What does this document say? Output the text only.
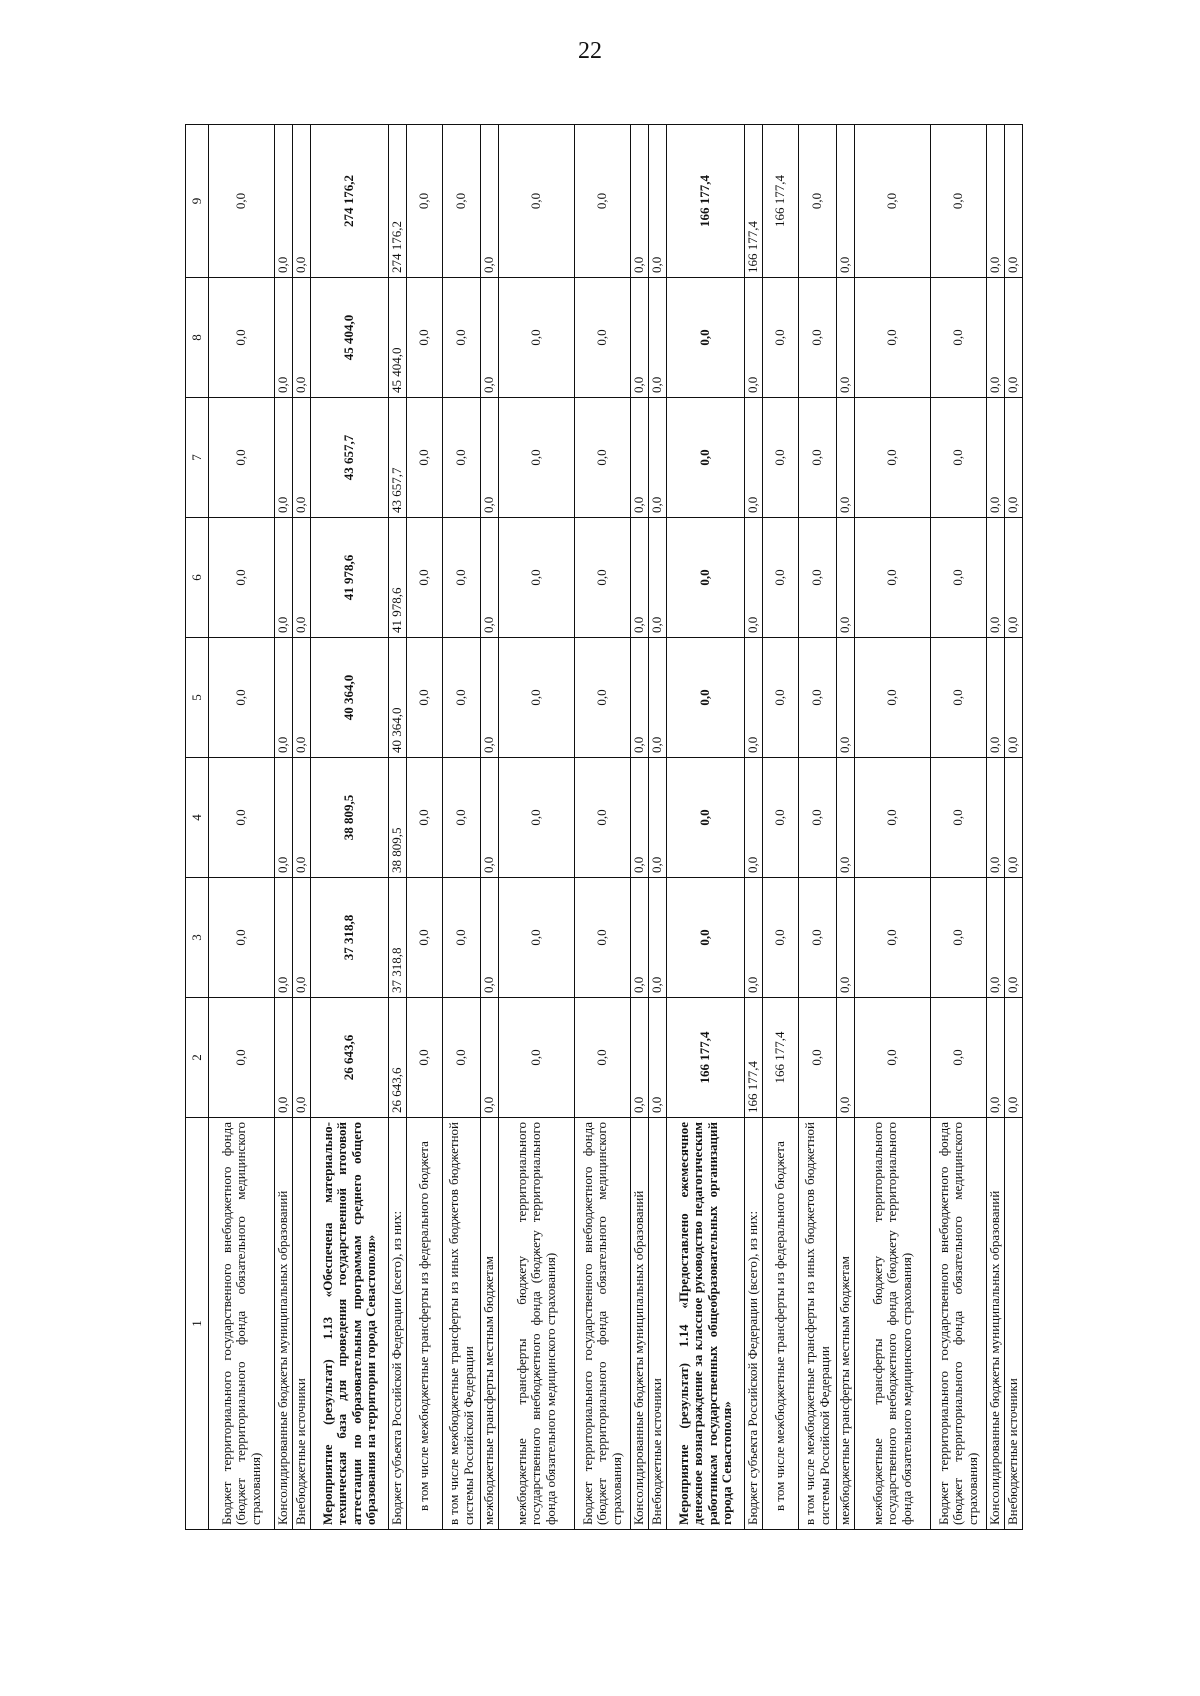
22
1	2	3	4	5	6	7	8	9
Бюджет территориального государственного внебюджетного фонда (бюджет территориального фонда обязательного медицинского страхования)	0,0	0,0	0,0	0,0	0,0	0,0	0,0	0,0
Консолидированные бюджеты муниципальных образований	0,0	0,0	0,0	0,0	0,0	0,0	0,0	0,0
Внебюджетные источники	0,0	0,0	0,0	0,0	0,0	0,0	0,0	0,0
Мероприятие (результат) 1.13 «Обеспечена материально-техническая база для проведения государственной итоговой аттестации по образовательным программам среднего общего образования на территории города Севастополя»	26 643,6	37 318,8	38 809,5	40 364,0	41 978,6	43 657,7	45 404,0	274 176,2
Бюджет субъекта Российской Федерации (всего), из них:	26 643,6	37 318,8	38 809,5	40 364,0	41 978,6	43 657,7	45 404,0	274 176,2
в том числе межбюджетные трансферты из федерального бюджета	0,0	0,0	0,0	0,0	0,0	0,0	0,0	0,0
в том числе межбюджетные трансферты из иных бюджетов бюджетной системы Российской Федерации	0,0	0,0	0,0	0,0	0,0	0,0	0,0	0,0
межбюджетные трансферты местным бюджетам	0,0	0,0	0,0	0,0	0,0	0,0	0,0	0,0
межбюджетные трансферты бюджету территориального государственного внебюджетного фонда (бюджету территориального фонда обязательного медицинского страхования)	0,0	0,0	0,0	0,0	0,0	0,0	0,0	0,0
Бюджет территориального государственного внебюджетного фонда (бюджет территориального фонда обязательного медицинского страхования)	0,0	0,0	0,0	0,0	0,0	0,0	0,0	0,0
Консолидированные бюджеты муниципальных образований	0,0	0,0	0,0	0,0	0,0	0,0	0,0	0,0
Внебюджетные источники	0,0	0,0	0,0	0,0	0,0	0,0	0,0	0,0
Мероприятие (результат) 1.14 «Предоставлено ежемесячное денежное вознаграждение за классное руководство педагогическим работникам государственных общеобразовательных организаций города Севастополя»	166 177,4	0,0	0,0	0,0	0,0	0,0	0,0	166 177,4
Бюджет субъекта Российской Федерации (всего), из них:	166 177,4	0,0	0,0	0,0	0,0	0,0	0,0	166 177,4
в том числе межбюджетные трансферты из федерального бюджета	166 177,4	0,0	0,0	0,0	0,0	0,0	0,0	166 177,4
в том числе межбюджетные трансферты из иных бюджетов бюджетной системы Российской Федерации	0,0	0,0	0,0	0,0	0,0	0,0	0,0	0,0
межбюджетные трансферты местным бюджетам	0,0	0,0	0,0	0,0	0,0	0,0	0,0	0,0
межбюджетные трансферты бюджету территориального государственного внебюджетного фонда (бюджету территориального фонда обязательного медицинского страхования)	0,0	0,0	0,0	0,0	0,0	0,0	0,0	0,0
Бюджет территориального государственного внебюджетного фонда (бюджет территориального фонда обязательного медицинского страхования)	0,0	0,0	0,0	0,0	0,0	0,0	0,0	0,0
Консолидированные бюджеты муниципальных образований	0,0	0,0	0,0	0,0	0,0	0,0	0,0	0,0
Внебюджетные источники	0,0	0,0	0,0	0,0	0,0	0,0	0,0	0,0
